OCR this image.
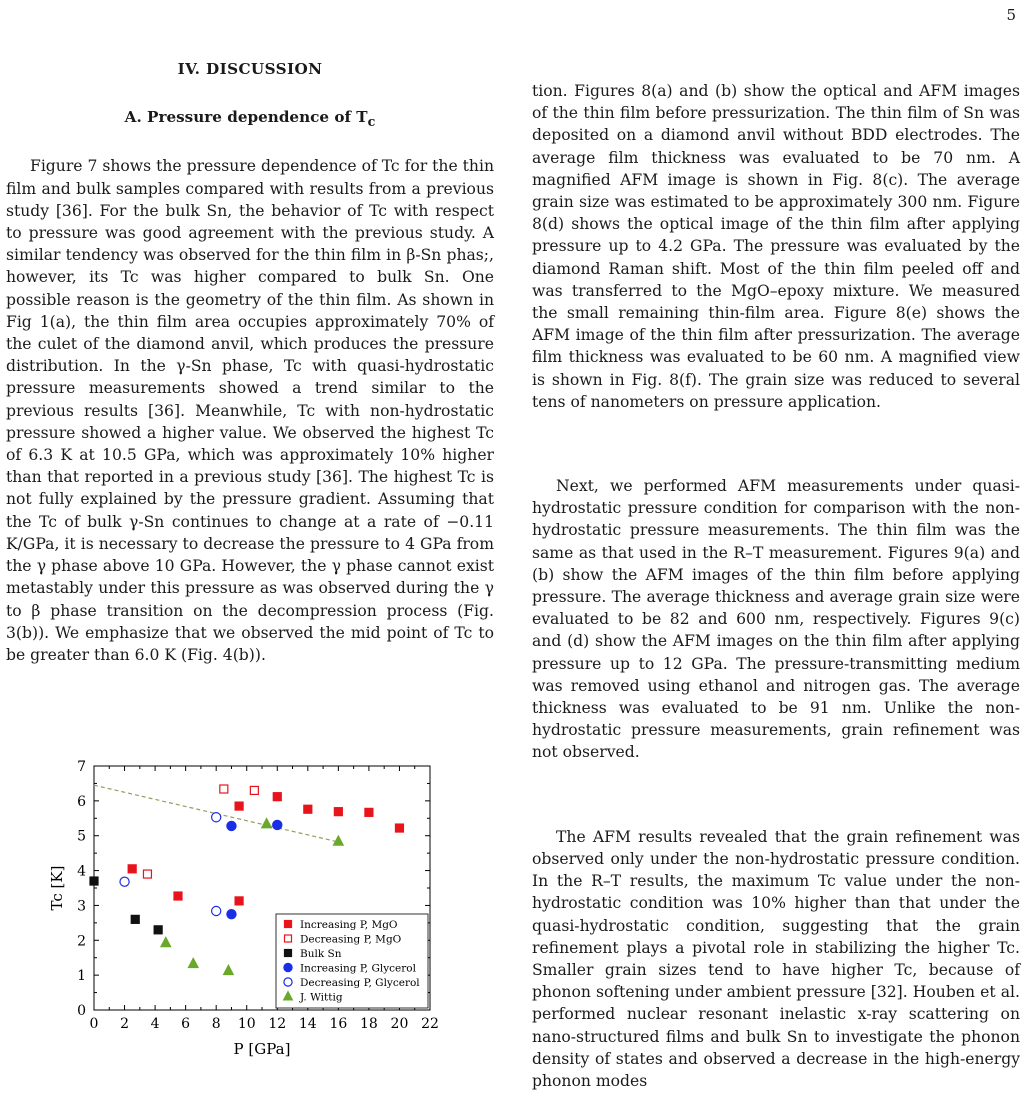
5
IV. DISCUSSION
A. Pressure dependence of $T_c$

Figure 7 shows the pressure dependence of Tc for the thin film and bulk samples compared with results from a previous study [36]. For the bulk Sn, the behavior of Tc with respect to pressure was good agreement with the previous study. A similar tendency was observed for the thin film in β-Sn phas;, however, its Tc was higher compared to bulk Sn. One possible reason is the geometry of the thin film. As shown in Fig 1(a), the thin film area occupies approximately 70% of the culet of the diamond anvil, which produces the pressure distribution. In the γ-Sn phase, Tc with quasi-hydrostatic pressure measurements showed a trend similar to the previous results [36]. Meanwhile, Tc with non-hydrostatic pressure showed a higher value. We observed the highest Tc of 6.3 K at 10.5 GPa, which was approximately 10% higher than that reported in a previous study [36]. The highest Tc is not fully explained by the pressure gradient. Assuming that the Tc of bulk γ-Sn continues to change at a rate of −0.11 K/GPa, it is necessary to decrease the pressure to 4 GPa from the γ phase above 10 GPa. However, the γ phase cannot exist metastably under this pressure as was observed during the γ to β phase transition on the decompression process (Fig. 3(b)). We emphasize that we observed the mid point of Tc to be greater than 6.0 K (Fig. 4(b)).

tion. Figures 8(a) and (b) show the optical and AFM images of the thin film before pressurization. The thin film of Sn was deposited on a diamond anvil without BDD electrodes. The average film thickness was evaluated to be 70 nm. A magnified AFM image is shown in Fig. 8(c). The average grain size was estimated to be approximately 300 nm. Figure 8(d) shows the optical image of the thin film after applying pressure up to 4.2 GPa. The pressure was evaluated by the diamond Raman shift. Most of the thin film peeled off and was transferred to the MgO–epoxy mixture. We measured the small remaining thin-film area. Figure 8(e) shows the AFM image of the thin film after pressurization. The average film thickness was evaluated to be 60 nm. A magnified view is shown in Fig. 8(f). The grain size was reduced to several tens of nanometers on pressure application.

Next, we performed AFM measurements under quasi-hydrostatic pressure condition for comparison with the non-hydrostatic pressure measurements. The thin film was the same as that used in the R–T measurement. Figures 9(a) and (b) show the AFM images of the thin film before applying pressure. The average thickness and average grain size were evaluated to be 82 and 600 nm, respectively. Figures 9(c) and (d) show the AFM images on the thin film after applying pressure up to 12 GPa. The pressure-transmitting medium was removed using ethanol and nitrogen gas. The average thickness was evaluated to be 91 nm. Unlike the non-hydrostatic pressure measurements, grain refinement was not observed.

The AFM results revealed that the grain refinement was observed only under the non-hydrostatic pressure condition. In the R–T results, the maximum Tc value under the non-hydrostatic condition was 10% higher than that under the quasi-hydrostatic condition, suggesting that the grain refinement plays a pivotal role in stabilizing the higher Tc. Smaller grain sizes tend to have higher Tc, because of phonon softening under ambient pressure [32]. Houben et al. performed nuclear resonant inelastic x-ray scattering on nano-structured films and bulk Sn to investigate the phonon density of states and observed a decrease in the high-energy phonon modes

0 2 4 6 8 10 12 14 16 18 20 22
0
1
2
3
4
5
6
7
P [GPa]
Tc [K]
Increasing P, MgO
Decreasing P, MgO
Bulk Sn
Increasing P, Glycerol
Decreasing P, Glycerol
J. Wittig
